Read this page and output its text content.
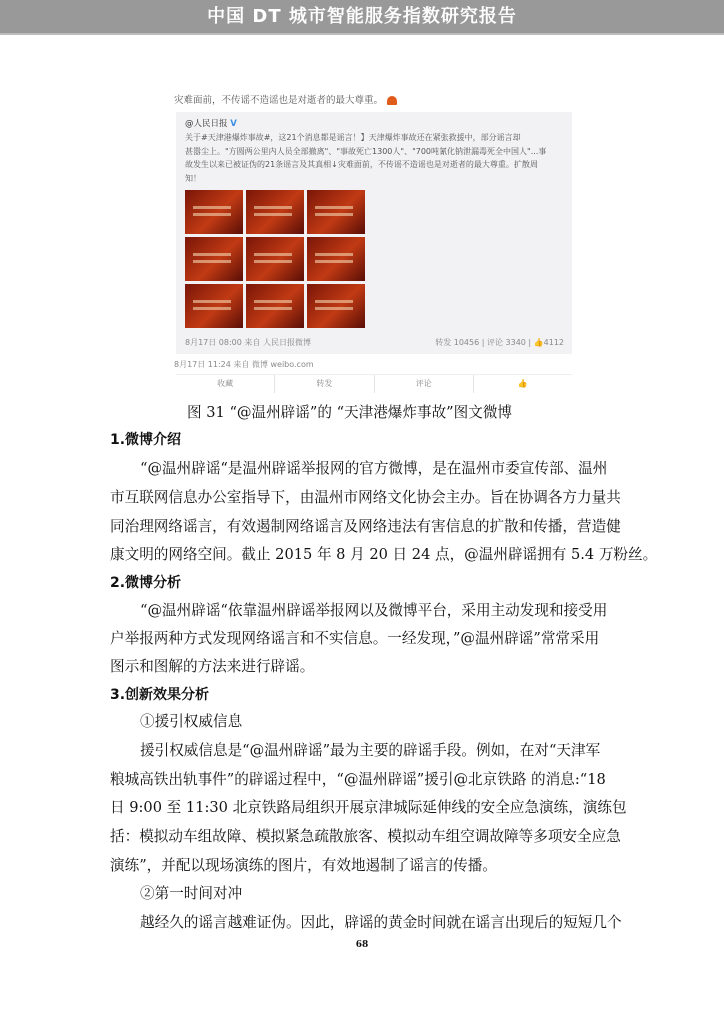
中国 DT 城市智能服务指数研究报告
灾难面前，不传谣不造谣也是对逝者的最大尊重。
@人民日报 V
关于#天津港爆炸事故#，这21个消息都是谣言！】天津爆炸事故还在紧张救援中，部分谣言却
甚嚣尘上。"方圆两公里内人员全部撤离"、"事故死亡1300人"、"700吨氰化钠泄漏毒死全中国人"...事
故发生以来已被证伪的21条谣言及其真相↓灾难面前，不传谣不造谣也是对逝者的最大尊重。扩散周
知！
8月17日 08:00 来自 人民日报微博	转发 10456 | 评论 3340 | 👍4112
8月17日 11:24 来自 微博 weibo.com
收藏	转发	评论	👍
图 31 “@温州辟谣”的 “天津港爆炸事故”图文微博
1.微博介绍
“@温州辟谣“是温州辟谣举报网的官方微博，是在温州市委宣传部、温州
市互联网信息办公室指导下，由温州市网络文化协会主办。旨在协调各方力量共
同治理网络谣言，有效遏制网络谣言及网络违法有害信息的扩散和传播，营造健
康文明的网络空间。截止 2015 年 8 月 20 日 24 点，@温州辟谣拥有 5.4 万粉丝。
2.微博分析
“@温州辟谣“依靠温州辟谣举报网以及微博平台，采用主动发现和接受用
户举报两种方式发现网络谣言和不实信息。一经发现，”@温州辟谣”常常采用
图示和图解的方法来进行辟谣。
3.创新效果分析
①援引权威信息
援引权威信息是“@温州辟谣”最为主要的辟谣手段。例如，在对“天津军
粮城高铁出轨事件”的辟谣过程中，“@温州辟谣”援引@北京铁路 的消息:“18
日 9:00 至 11:30 北京铁路局组织开展京津城际延伸线的安全应急演练，演练包
括：模拟动车组故障、模拟紧急疏散旅客、模拟动车组空调故障等多项安全应急
演练”，并配以现场演练的图片，有效地遏制了谣言的传播。
②第一时间对冲
越经久的谣言越难证伪。因此，辟谣的黄金时间就在谣言出现后的短短几个
68
